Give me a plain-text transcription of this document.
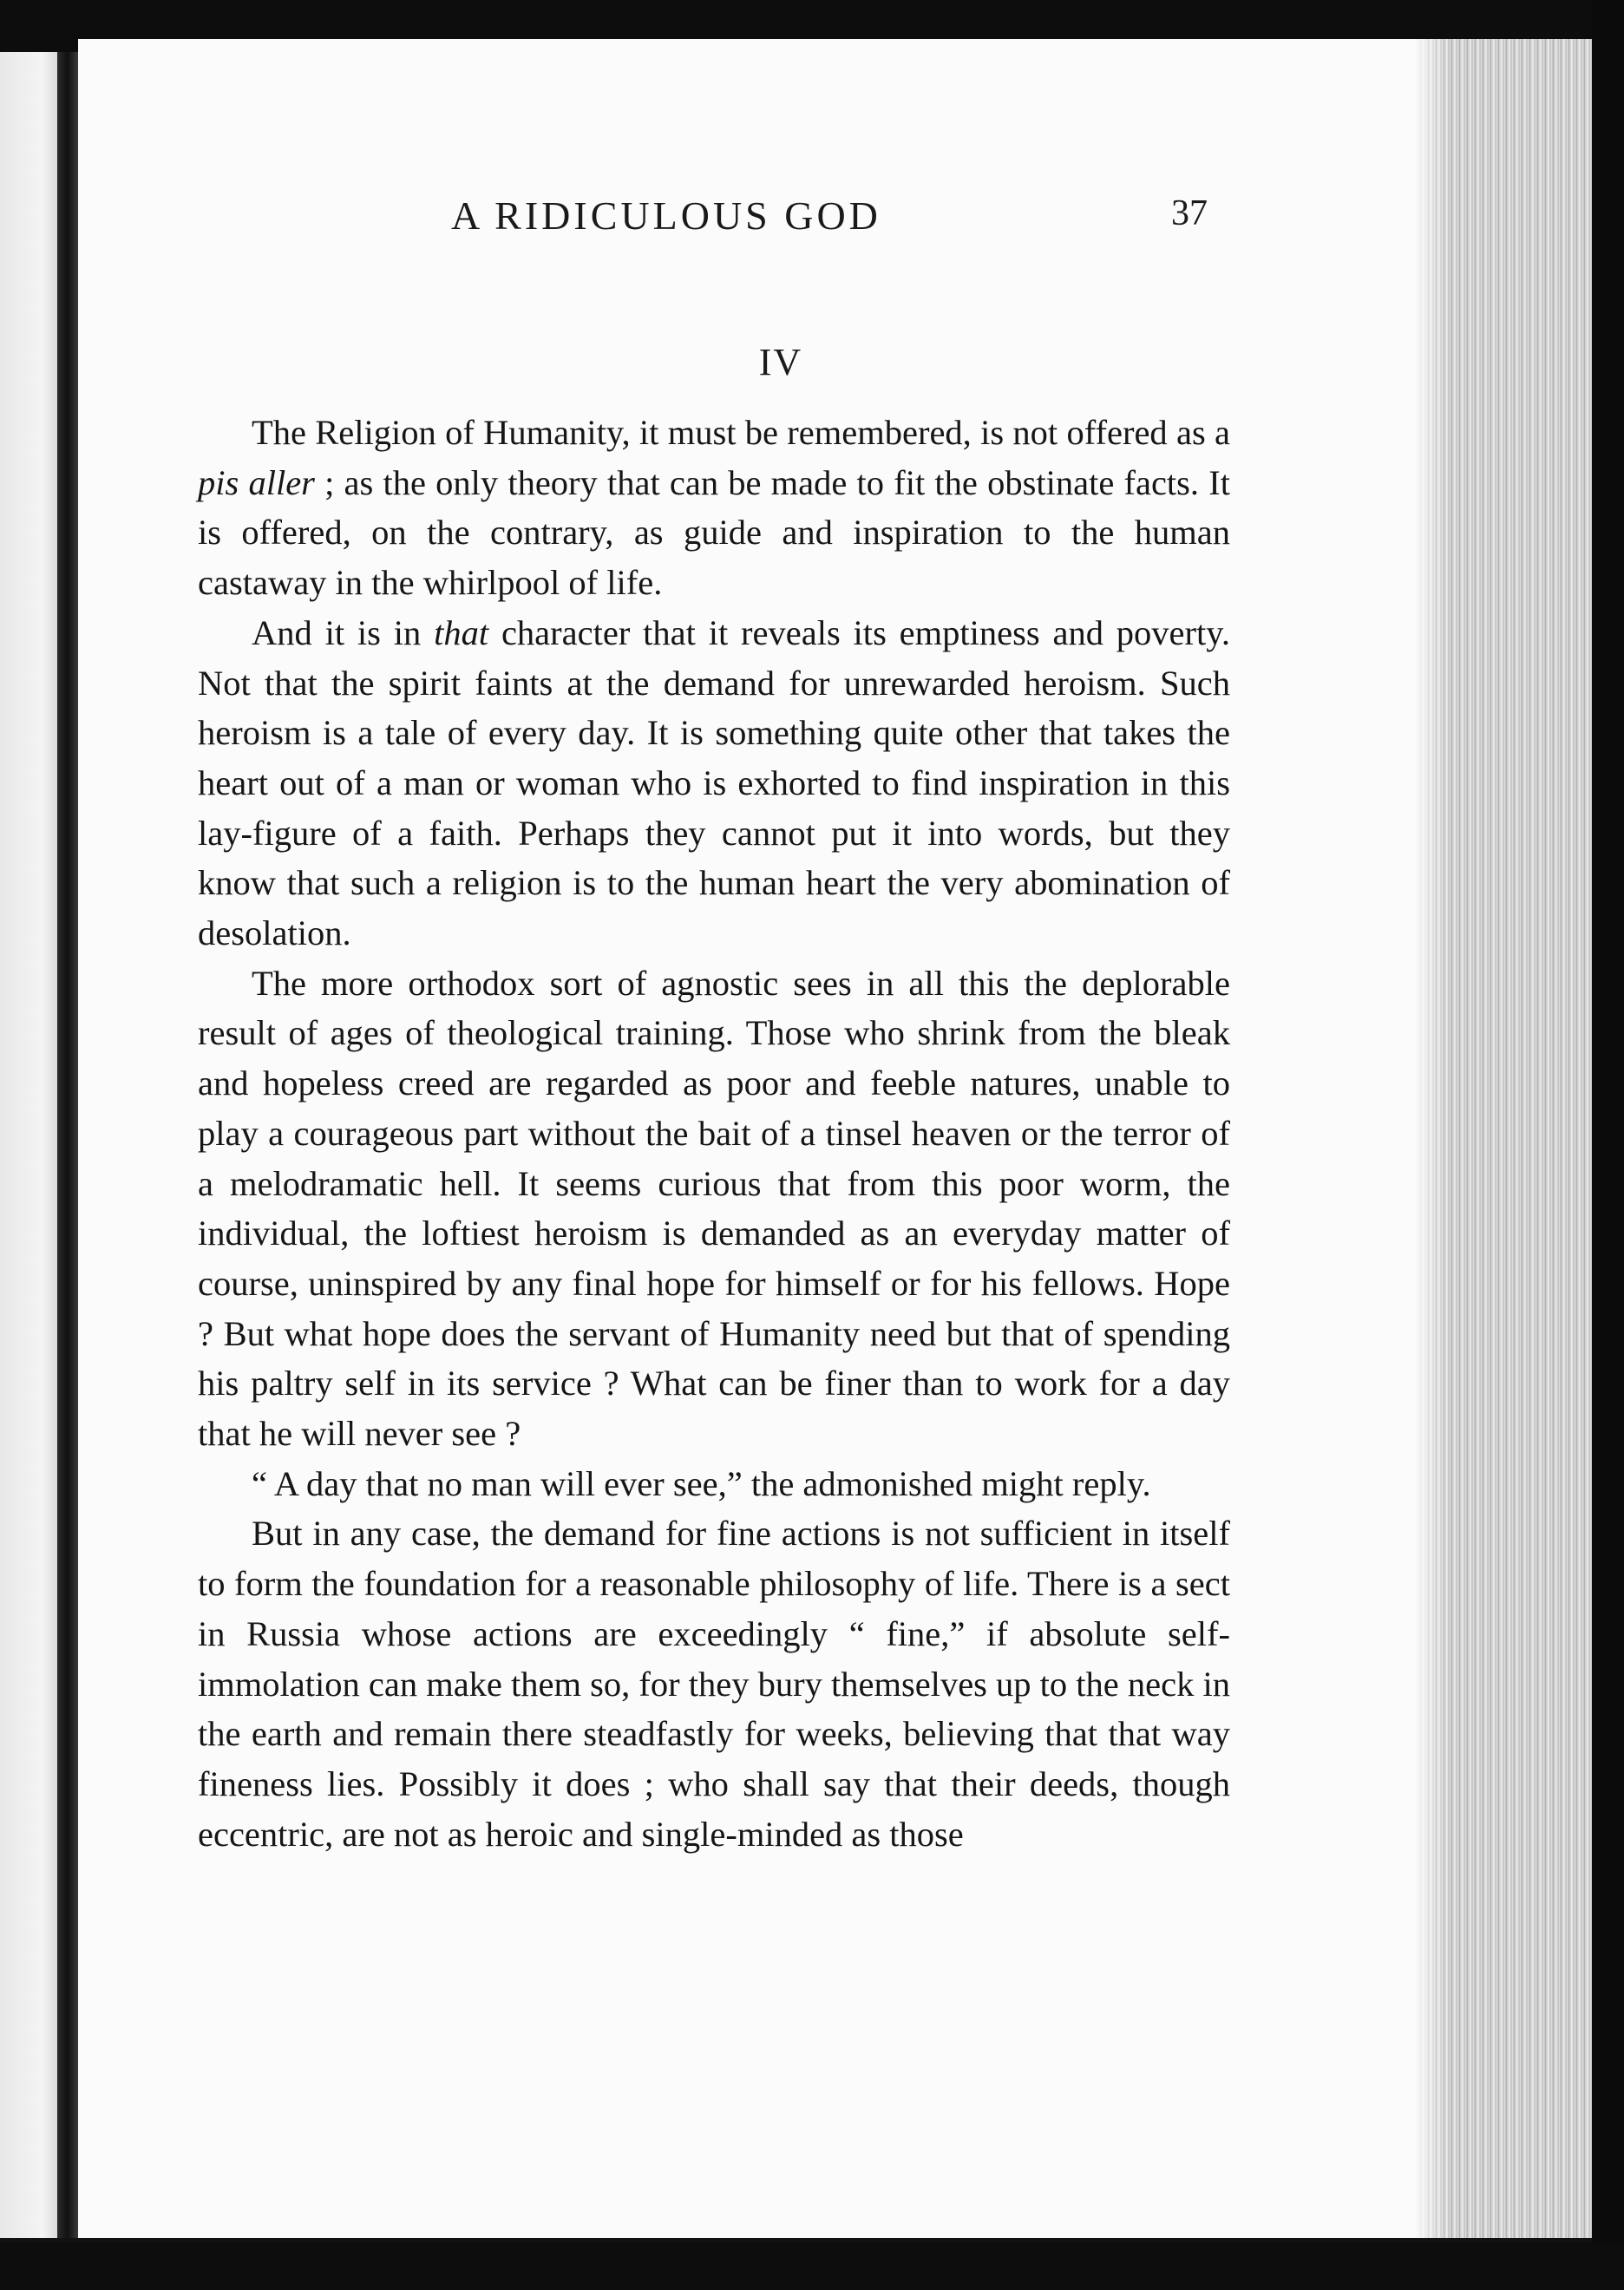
A RIDICULOUS GOD	37
IV

The Religion of Humanity, it must be remembered, is not offered as a pis aller ; as the only theory that can be made to fit the obstinate facts. It is offered, on the contrary, as guide and inspiration to the human castaway in the whirlpool of life.

And it is in that character that it reveals its emptiness and poverty. Not that the spirit faints at the demand for unrewarded heroism. Such heroism is a tale of every day. It is something quite other that takes the heart out of a man or woman who is exhorted to find inspiration in this lay-figure of a faith. Perhaps they cannot put it into words, but they know that such a religion is to the human heart the very abomination of desolation.

The more orthodox sort of agnostic sees in all this the deplorable result of ages of theological training. Those who shrink from the bleak and hopeless creed are regarded as poor and feeble natures, unable to play a courageous part without the bait of a tinsel heaven or the terror of a melodramatic hell. It seems curious that from this poor worm, the individual, the loftiest heroism is demanded as an everyday matter of course, uninspired by any final hope for himself or for his fellows. Hope ? But what hope does the servant of Humanity need but that of spending his paltry self in its service ? What can be finer than to work for a day that he will never see ?

“ A day that no man will ever see,” the admonished might reply.

But in any case, the demand for fine actions is not sufficient in itself to form the foundation for a reasonable philosophy of life. There is a sect in Russia whose actions are exceedingly “ fine,” if absolute self-immolation can make them so, for they bury themselves up to the neck in the earth and remain there steadfastly for weeks, believing that that way fineness lies. Possibly it does ; who shall say that their deeds, though eccentric, are not as heroic and single-minded as those
